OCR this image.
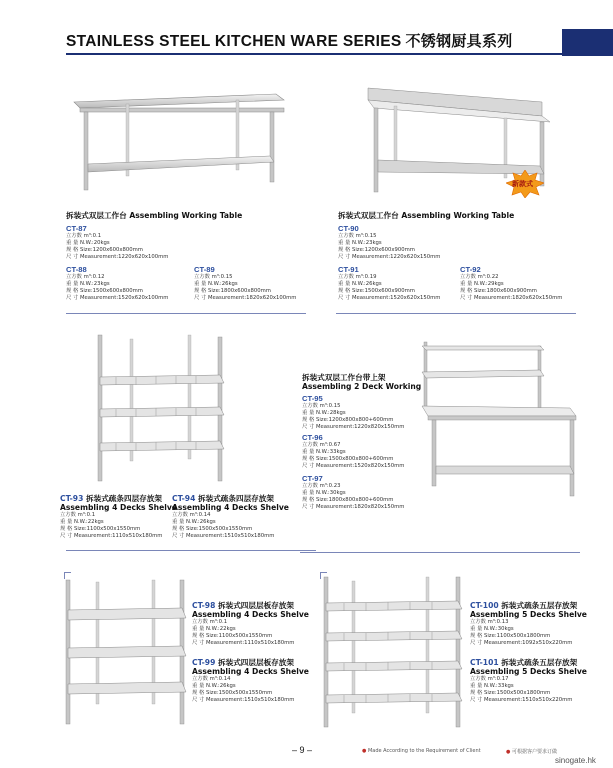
STAINLESS STEEL KITCHEN WARE SERIES 不锈钢厨具系列
新款式
拆装式双层工作台 Assembling Working Table
CT-87
立方数 m³:0.1
重 量 N.W.:20kgs
规 格 Size:1200x600x800mm
尺 寸 Measurement:1220x620x100mm
CT-88
立方数 m³:0.12
重 量 N.W.:23kgs
规 格 Size:1500x600x800mm
尺 寸 Measurement:1520x620x100mm
CT-89
立方数 m³:0.15
重 量 N.W.:26kgs
规 格 Size:1800x600x800mm
尺 寸 Measurement:1820x620x100mm
拆装式双层工作台 Assembling Working Table
CT-90
立方数 m³:0.15
重 量 N.W.:23kgs
规 格 Size:1200x600x900mm
尺 寸 Measurement:1220x620x150mm
CT-91
立方数 m³:0.19
重 量 N.W.:26kgs
规 格 Size:1500x600x900mm
尺 寸 Measurement:1520x620x150mm
CT-92
立方数 m³:0.22
重 量 N.W.:29kgs
规 格 Size:1800x600x900mm
尺 寸 Measurement:1820x620x150mm
CT-93 拆装式疏条四层存放架
Assembling 4 Decks Shelve
立方数 m³:0.1
重 量 N.W.:22kgs
规 格 Size:1100x500x1550mm
尺 寸 Measurement:1110x510x180mm
CT-94 拆装式疏条四层存放架
Assembling 4 Decks Shelve
立方数 m³:0.14
重 量 N.W.:26kgs
规 格 Size:1500x500x1550mm
尺 寸 Measurement:1510x510x180mm
拆装式双层工作台带上架
Assembling 2 Deck Working
CT-95
立方数 m³:0.15
重 量 N.W.:28kgs
规 格 Size:1200x800x800+600mm
尺 寸 Measurement:1220x820x150mm
CT-96
立方数 m³:0.67
重 量 N.W.:33kgs
规 格 Size:1500x800x800+600mm
尺 寸 Measurement:1520x820x150mm
CT-97
立方数 m³:0.23
重 量 N.W.:30kgs
规 格 Size:1800x800x800+600mm
尺 寸 Measurement:1820x820x150mm
CT-98 拆装式四层层板存放架
Assembling 4 Decks Shelve
立方数 m³:0.1
重 量 N.W.:22kgs
规 格 Size:1100x500x1550mm
尺 寸 Measurement:1110x510x180mm
CT-99 拆装式四层层板存放架
Assembling 4 Decks Shelve
立方数 m³:0.14
重 量 N.W.:26kgs
规 格 Size:1500x500x1550mm
尺 寸 Measurement:1510x510x180mm
CT-100 拆装式疏条五层存放架
Assembling 5 Decks Shelve
立方数 m³:0.13
重 量 N.W.:30kgs
规 格 Size:1100x500x1800mm
尺 寸 Measurement:1092x510x220mm
CT-101 拆装式疏条五层存放架
Assembling 5 Decks Shelve
立方数 m³:0.17
重 量 N.W.:33kgs
规 格 Size:1500x500x1800mm
尺 寸 Measurement:1510x510x220mm
– 9 –	● Made According to the Requirement of Client	● 可根据客户要求订做
sinogate.hk
